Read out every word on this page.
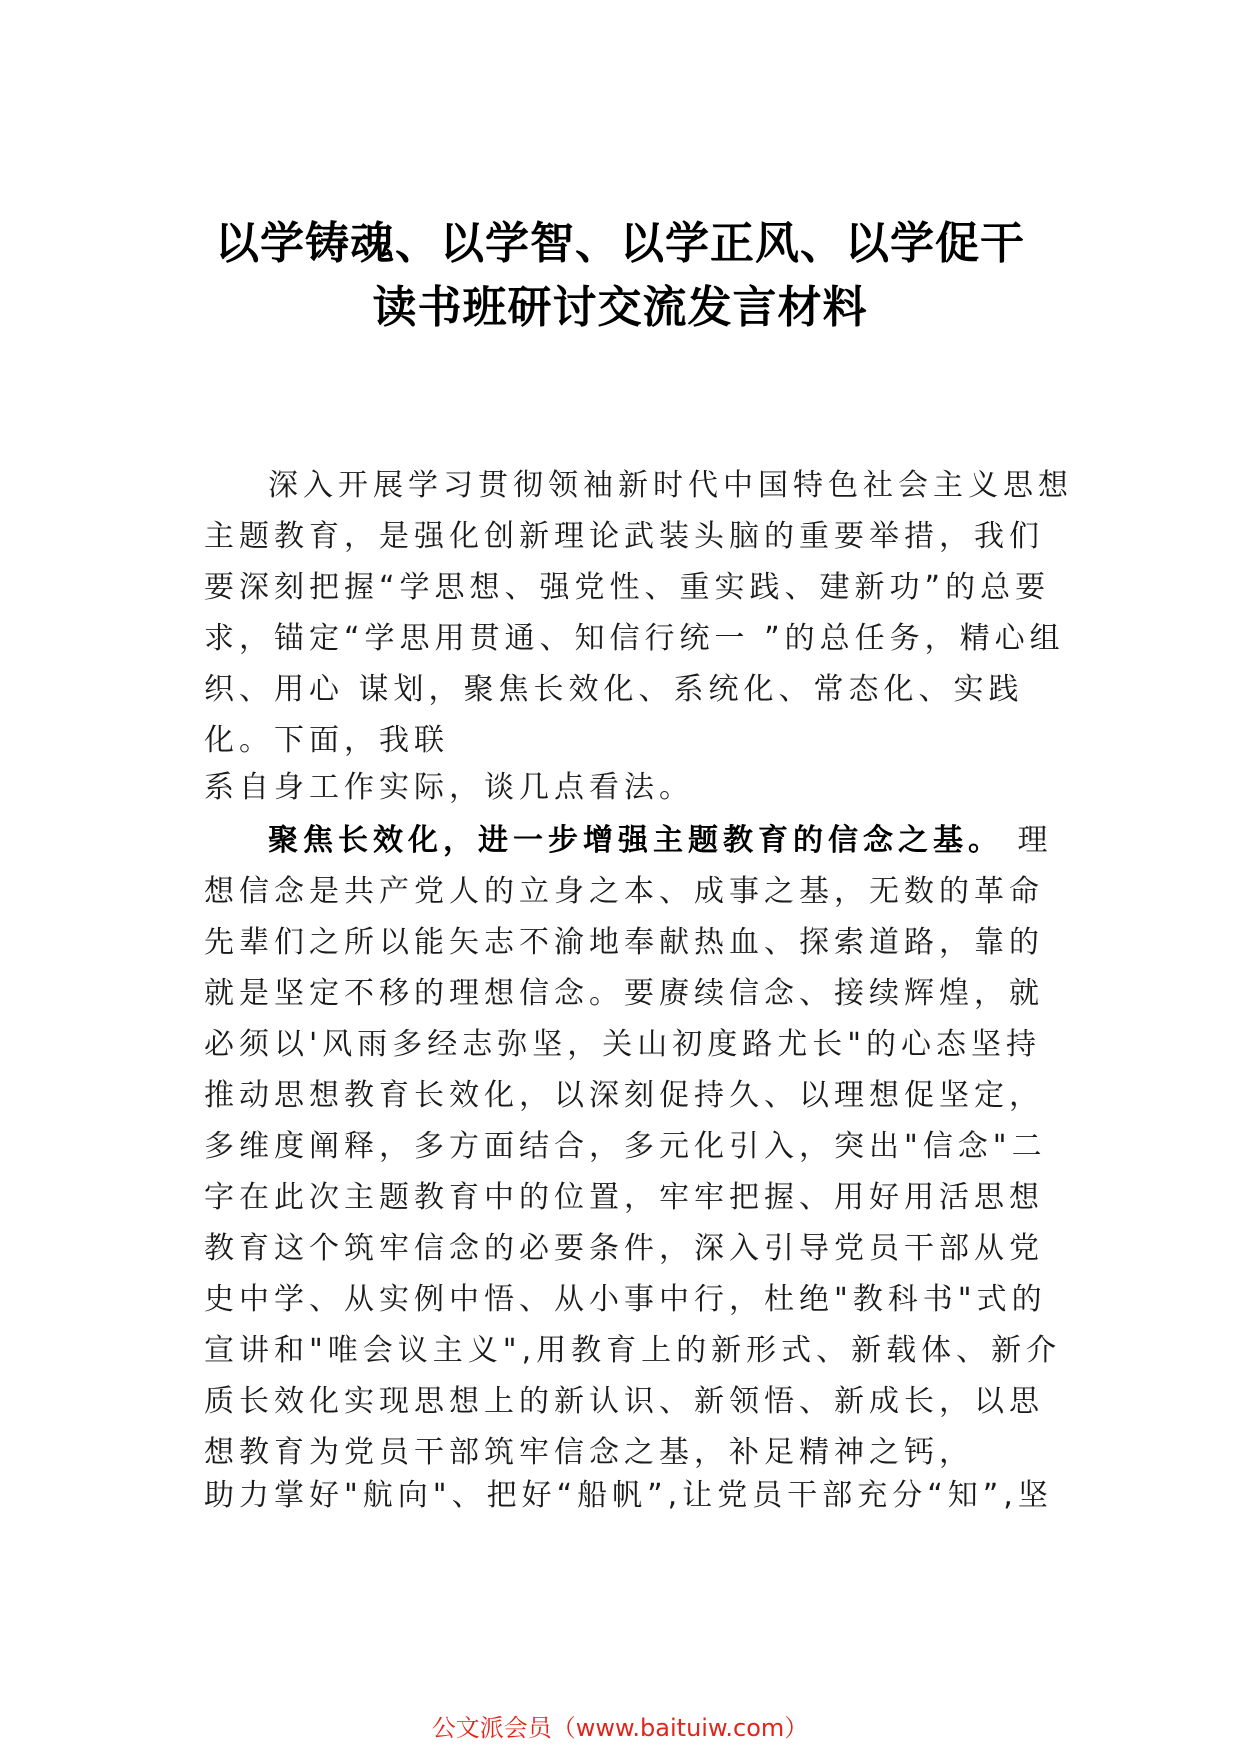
以学铸魂、以学智、以学正风、以学促干
读书班研讨交流发言材料
深入开展学习贯彻领袖新时代中国特色社会主义思想主题教育，是强化创新理论武装头脑的重要举措，我们要深刻把握“学思想、强党性、重实践、建新功”的总要求，锚定“学思用贯通、知信行统一 ”的总任务，精心组织、用心 谋划，聚焦长效化、系统化、常态化、实践化。下面，我联
系自身工作实际，谈几点看法。
聚焦长效化，进一步增强主题教育的信念之基。 理想信念是共产党人的立身之本、成事之基，无数的革命先辈们之所以能矢志不渝地奉献热血、探索道路，靠的就是坚定不移的理想信念。要赓续信念、接续辉煌，就必须以'风雨多经志弥坚，关山初度路尤长"的心态坚持推动思想教育长效化，以深刻促持久、以理想促坚定，多维度阐释，多方面结合，多元化引入，突出"信念"二字在此次主题教育中的位置，牢牢把握、用好用活思想教育这个筑牢信念的必要条件，深入引导党员干部从党史中学、从实例中悟、从小事中行，杜绝"教科书"式的宣讲和"唯会议主义",用教育上的新形式、新载体、新介质长效化实现思想上的新认识、新领悟、新成长，以思想教育为党员干部筑牢信念之基，补足精神之钙，
助力掌好"航向"、把好“船帆”,让党员干部充分“知”,坚
公文派会员（www.baituiw.com）
